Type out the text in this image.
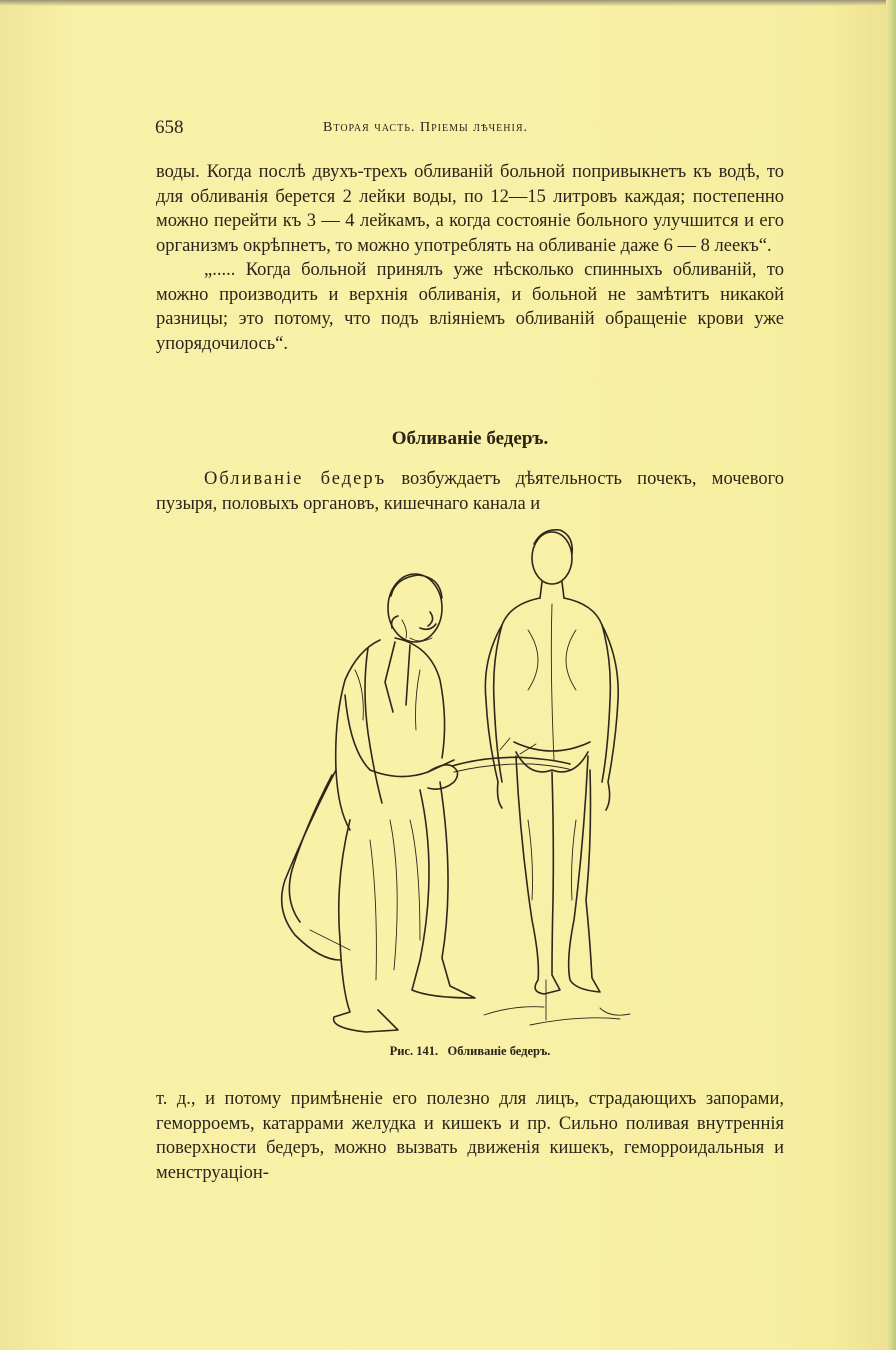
658	Вторая часть. Пріемы лѣченія.

воды. Когда послѣ двухъ-трехъ обливаній больной попривыкнетъ къ водѣ, то для обливанія берется 2 лейки воды, по 12—15 литровъ каждая; постепенно можно перейти къ 3 — 4 лейкамъ, а когда состояніе больного улучшится и его организмъ окрѣпнетъ, то можно употреблять на обливаніе даже 6 — 8 леекъ“.

„..... Когда больной принялъ уже нѣсколько спинныхъ обливаній, то можно производить и верхнія обливанія, и больной не замѣтитъ никакой разницы; это потому, что подъ вліяніемъ обливаній обращеніе крови уже упорядочилось“.

Обливаніе бедеръ.

Обливаніе бедеръ возбуждаетъ дѣятельность почекъ, мочевого пузыря, половыхъ органовъ, кишечнаго канала и

Рис. 141. Обливаніе бедеръ.

т. д., и потому примѣненіе его полезно для лицъ, страдающихъ запорами, геморроемъ, катаррами желудка и кишекъ и пр. Сильно поливая внутреннія поверхности бедеръ, можно вызвать движенія кишекъ, геморроидальныя и менструаціон-
